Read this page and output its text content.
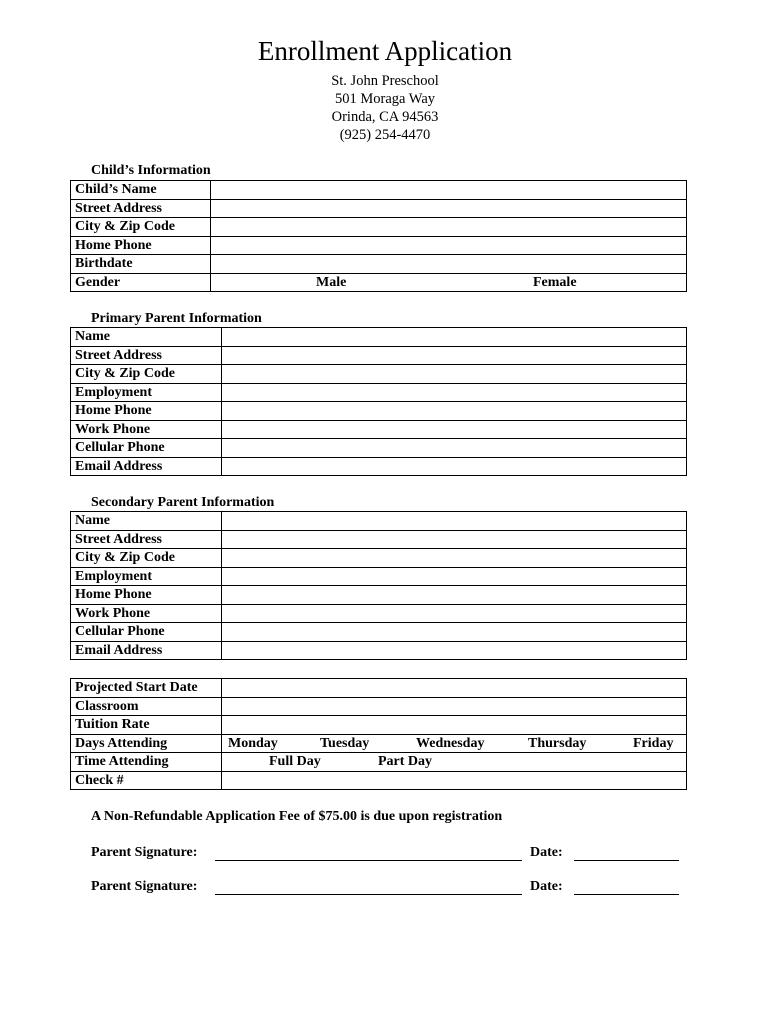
Enrollment Application
St. John Preschool
501 Moraga Way
Orinda, CA 94563
(925) 254-4470
Child’s Information
Child’s Name	
Street Address	
City & Zip Code	
Home Phone	
Birthdate	
Gender	Male Female
Primary Parent Information
Name	
Street Address	
City & Zip Code	
Employment	
Home Phone	
Work Phone	
Cellular Phone	
Email Address	
Secondary Parent Information
Name	
Street Address	
City & Zip Code	
Employment	
Home Phone	
Work Phone	
Cellular Phone	
Email Address	
Projected Start Date	
Classroom	
Tuition Rate	
Days Attending	Monday Tuesday Wednesday Thursday Friday

Time Attending	Full Day Part Day

Check #	
A Non-Refundable Application Fee of $75.00 is due upon registration
Parent Signature:	Date:
Parent Signature:	Date:
